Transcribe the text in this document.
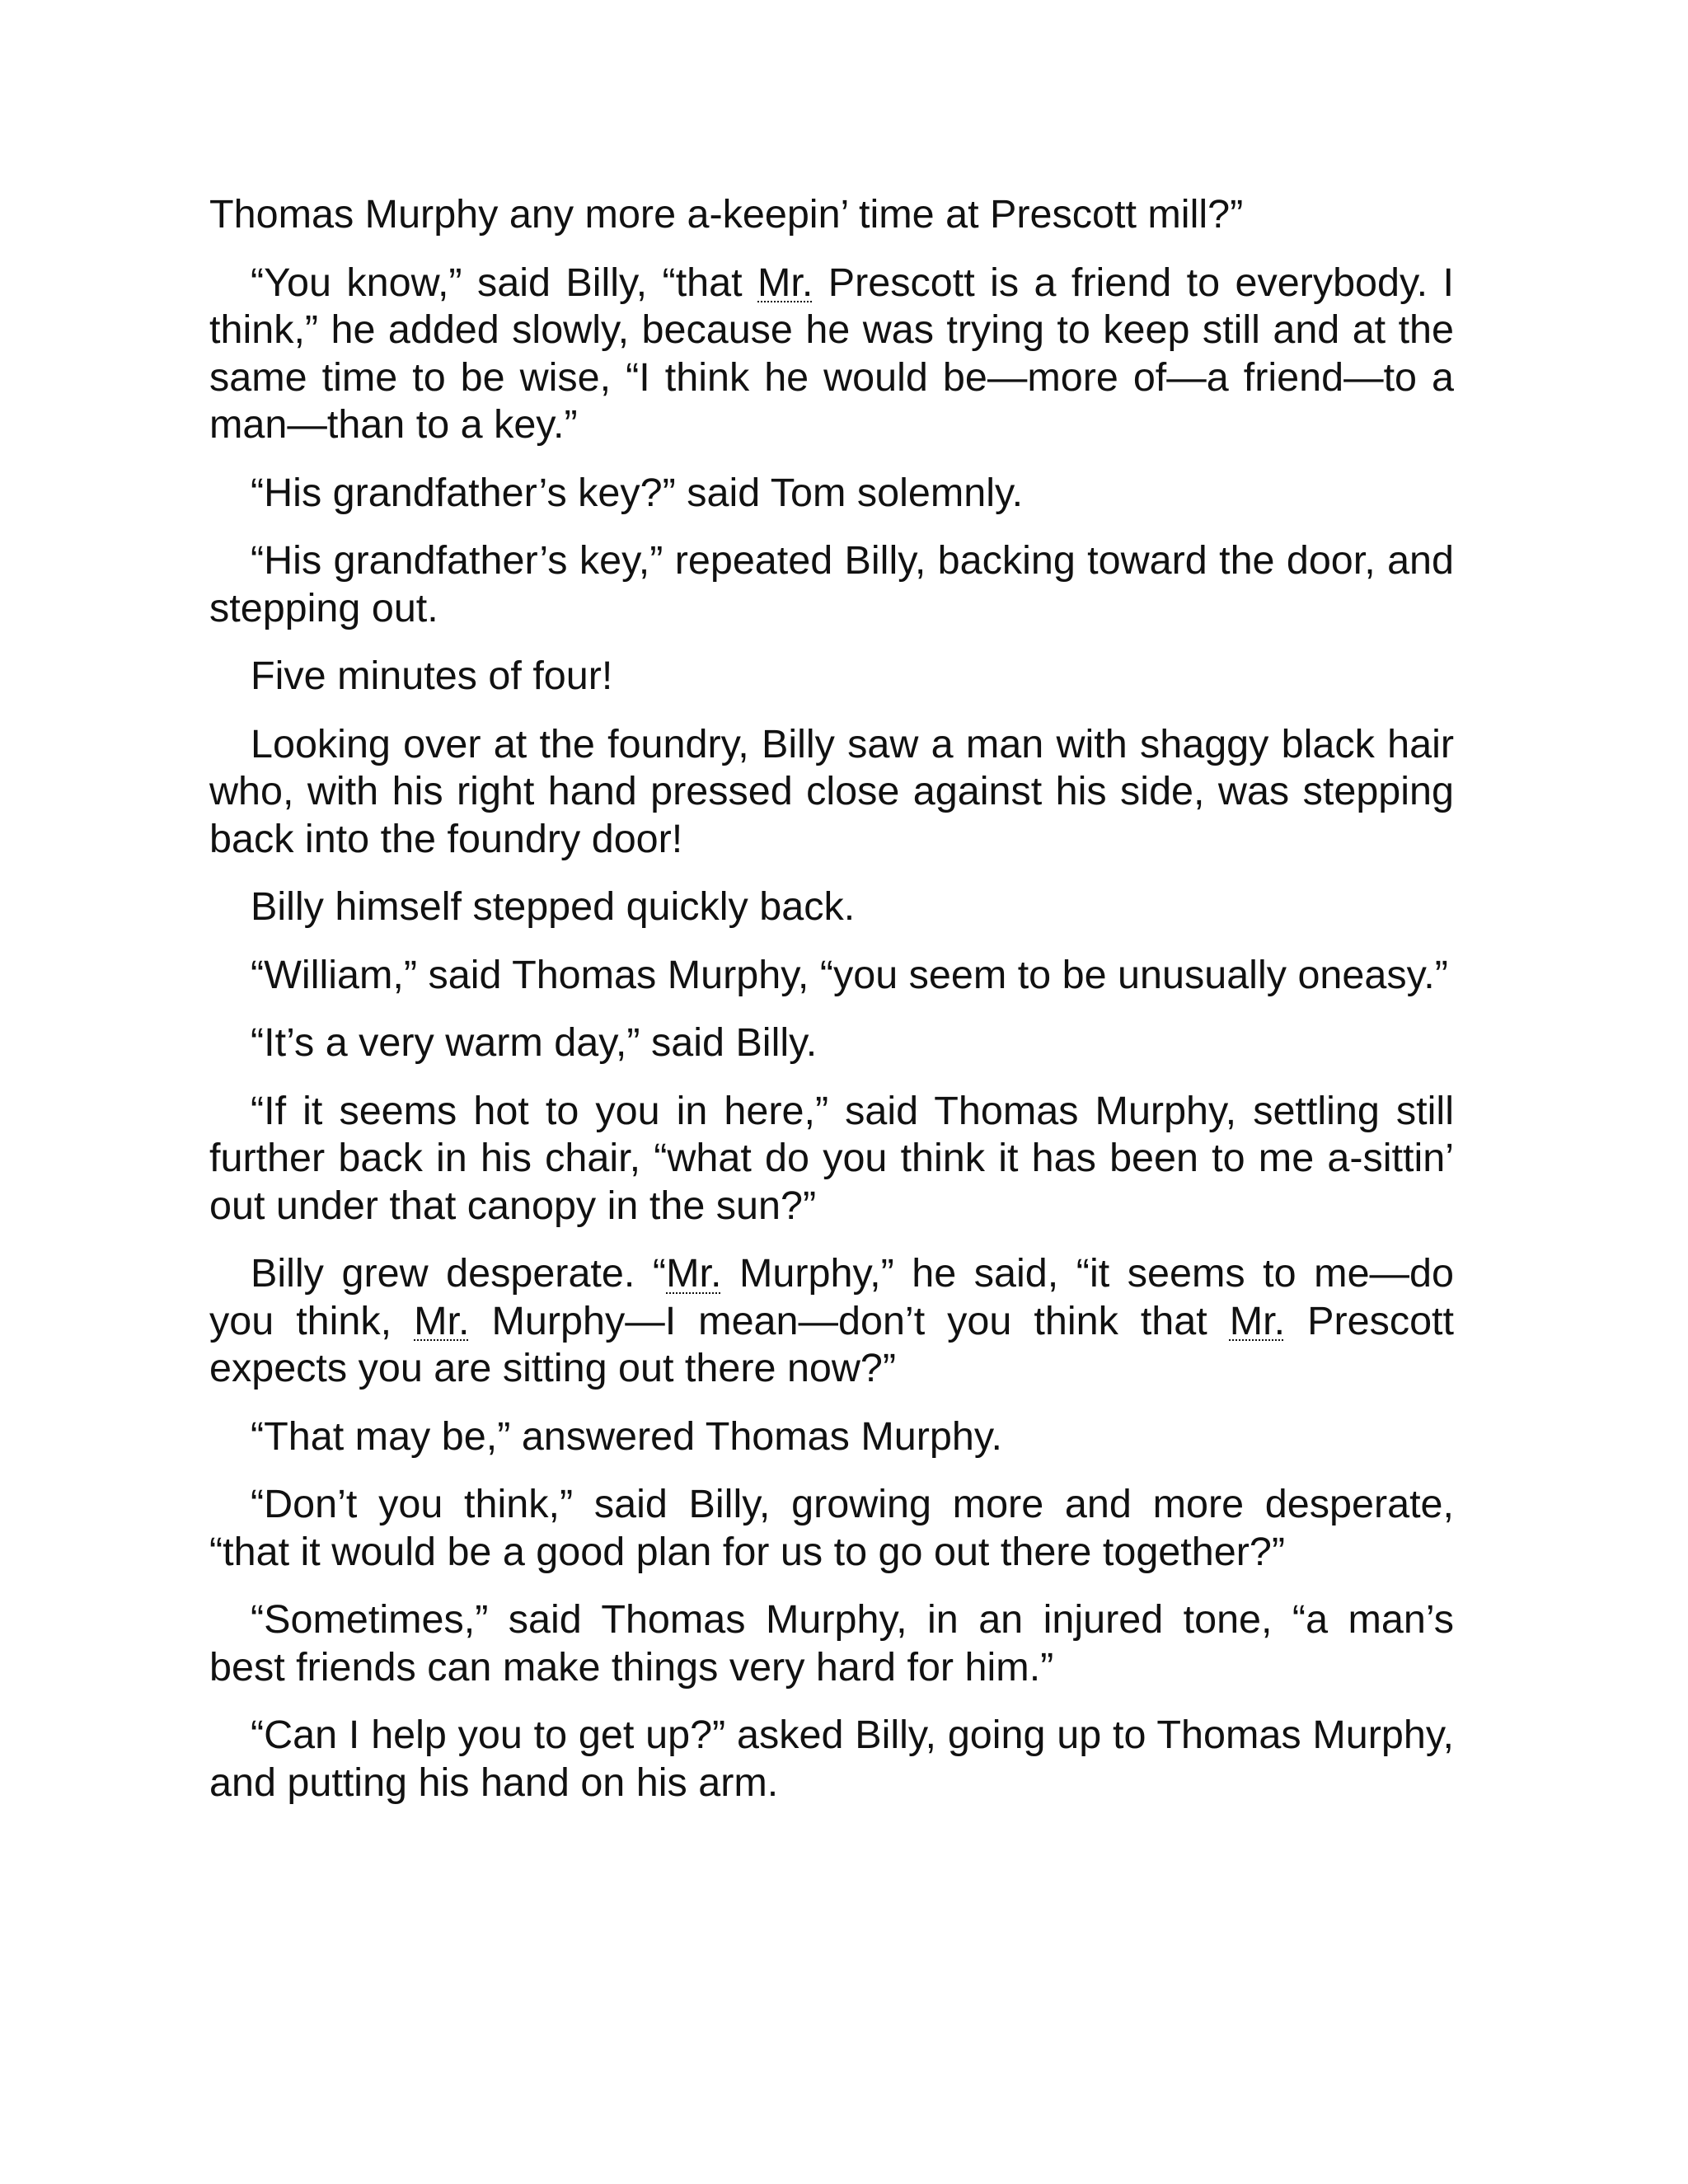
Thomas Murphy any more a-keepin’ time at Prescott mill?”

“You know,” said Billy, “that Mr. Prescott is a friend to everybody. I think,” he added slowly, because he was trying to keep still and at the same time to be wise, “I think he would be—more of—a friend—to a man—than to a key.”

“His grandfather’s key?” said Tom solemnly.

“His grandfather’s key,” repeated Billy, backing toward the door, and stepping out.

Five minutes of four!

Looking over at the foundry, Billy saw a man with shaggy black hair who, with his right hand pressed close against his side, was stepping back into the foundry door!

Billy himself stepped quickly back.

“William,” said Thomas Murphy, “you seem to be unusually oneasy.”

“It’s a very warm day,” said Billy.

“If it seems hot to you in here,” said Thomas Murphy, settling still further back in his chair, “what do you think it has been to me a-sittin’ out under that canopy in the sun?”

Billy grew desperate. “Mr. Murphy,” he said, “it seems to me—do you think, Mr. Murphy—I mean—don’t you think that Mr. Prescott expects you are sitting out there now?”

“That may be,” answered Thomas Murphy.

“Don’t you think,” said Billy, growing more and more desperate, “that it would be a good plan for us to go out there together?”

“Sometimes,” said Thomas Murphy, in an injured tone, “a man’s best friends can make things very hard for him.”

“Can I help you to get up?” asked Billy, going up to Thomas Murphy, and putting his hand on his arm.
